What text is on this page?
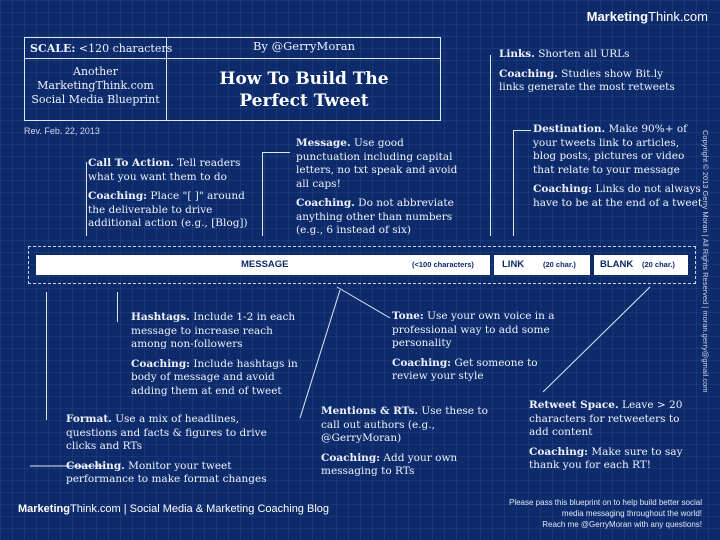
MarketingThink.com
SCALE: <120 characters	By @GerryMoran
Another
MarketingThink.com
Social Media Blueprint
How To Build The
Perfect Tweet
Rev. Feb. 22, 2013
MESSAGE	(<100 characters)	LINK	(20 char.)	BLANK (20 char.)
Links. Shorten all URLs
Coaching. Studies show Bit.ly
links generate the most retweets
Message. Use good
punctuation including capital
letters, no txt speak and avoid
all caps!
Coaching. Do not abbreviate
anything other than numbers
(e.g., 6 instead of six)
Destination. Make 90%+ of
your tweets link to articles,
blog posts, pictures or video
that relate to your message
Coaching: Links do not always
have to be at the end of a tweet
Call To Action. Tell readers
what you want them to do
Coaching: Place "[ ]" around
the deliverable to drive
additional action (e.g., [Blog])
Hashtags. Include 1-2 in each
message to increase reach
among non-followers
Coaching: Include hashtags in
body of message and avoid
adding them at end of tweet
Tone: Use your own voice in a
professional way to add some
personality
Coaching: Get someone to
review your style
Retweet Space. Leave > 20
characters for retweeters to
add content
Coaching: Make sure to say
thank you for each RT!
Mentions & RTs. Use these to
call out authors (e.g.,
@GerryMoran)
Coaching: Add your own
messaging to RTs
Format. Use a mix of headlines,
questions and facts & figures to drive
clicks and RTs
Coaching. Monitor your tweet
performance to make format changes
Copyright © 2013 Gerry Moran | All Rights Reserved | moran.gerry@gmail.com
MarketingThink.com | Social Media & Marketing Coaching Blog
Please pass this blueprint on to help build better social
media messaging throughout the world!
Reach me @GerryMoran with any questions!
